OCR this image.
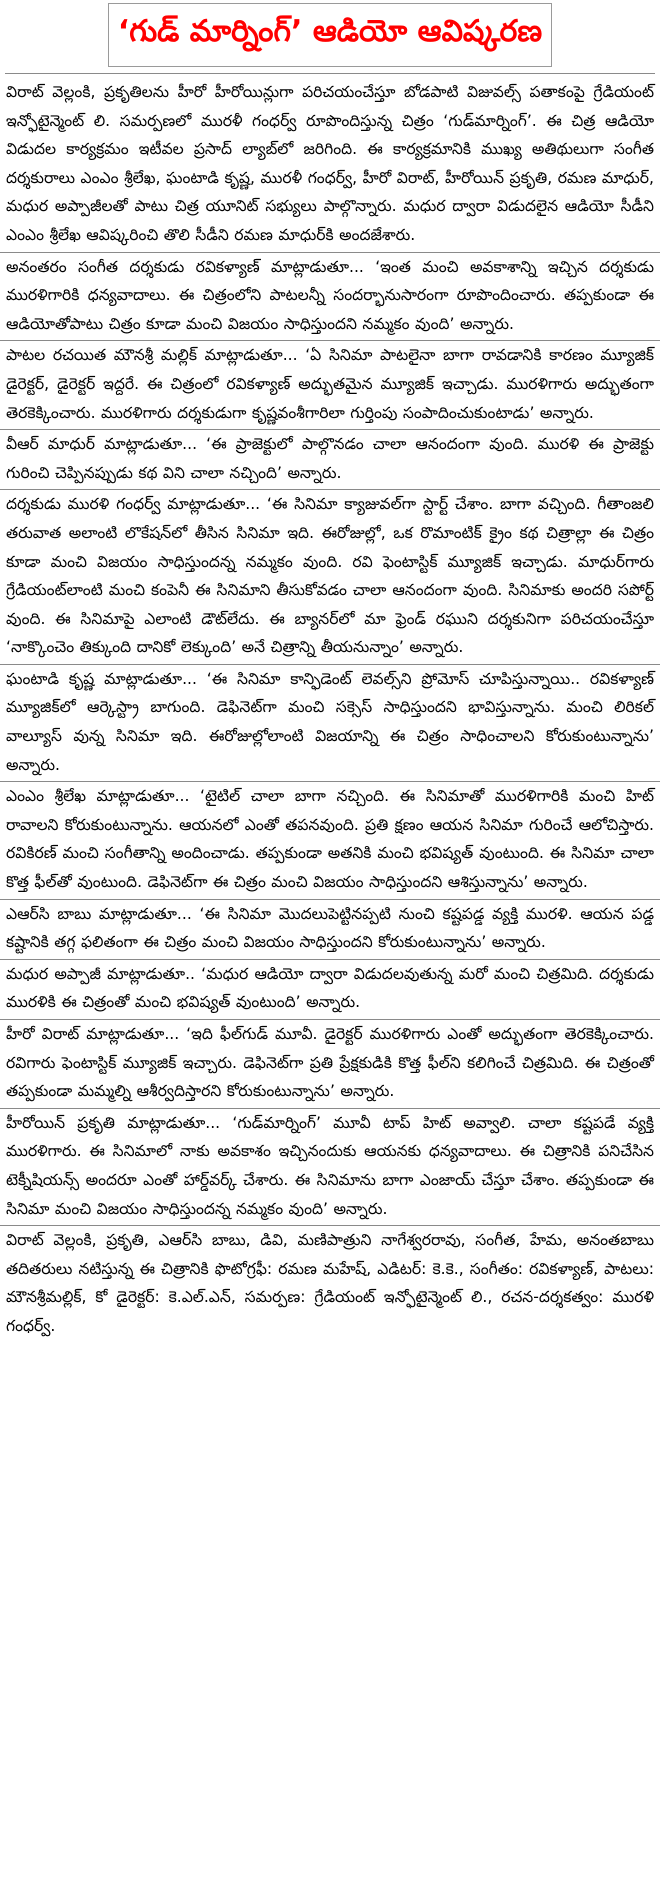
‘గుడ్ మార్నింగ్’ ఆడియో ఆవిష్కరణ

విరాట్ వెల్లంకి, ప్రకృతిలను హీరో హీరోయిన్లుగా పరిచయంచేస్తూ బోడపాటి విజువల్స్ పతాకంపై గ్రేడియంట్ ఇన్ఫోటైన్మెంట్ లి. సమర్పణలో మురళీ గంధర్వ్ రూపొందిస్తున్న చిత్రం ‘గుడ్‌మార్నింగ్’. ఈ చిత్ర ఆడియో విడుదల కార్యక్రమం ఇటీవల ప్రసాద్ ల్యాబ్‌లో జరిగింది. ఈ కార్యక్రమానికి ముఖ్య అతిథులుగా సంగీత దర్శకురాలు ఎంఎం శ్రీలేఖ, ఘంటాడి కృష్ణ, మురళీ గంధర్వ్, హీరో విరాట్, హీరోయిన్ ప్రకృతి, రమణ మాధుర్, మధుర అప్పాజీలతో పాటు చిత్ర యూనిట్ సభ్యులు పాల్గొన్నారు. మధుర ద్వారా విడుదలైన ఆడియో సీడీని ఎంఎం శ్రీలేఖ ఆవిష్కరించి తొలి సీడీని రమణ మాధుర్‌కి అందజేశారు.

అనంతరం సంగీత దర్శకుడు రవికళ్యాణ్ మాట్లాడుతూ... ‘ఇంత మంచి అవకాశాన్ని ఇచ్చిన దర్శకుడు మురళిగారికి ధన్యవాదాలు. ఈ చిత్రంలోని పాటలన్నీ సందర్భానుసారంగా రూపొందించారు. తప్పకుండా ఈ ఆడియోతోపాటు చిత్రం కూడా మంచి విజయం సాధిస్తుందని నమ్మకం వుంది’ అన్నారు.

పాటల రచయిత మౌనశ్రీ మల్లిక్ మాట్లాడుతూ... ‘ఏ సినిమా పాటలైనా బాగా రావడానికి కారణం మ్యూజిక్ డైరెక్టర్, డైరెక్టర్ ఇద్దరే. ఈ చిత్రంలో రవికళ్యాణ్ అద్భుతమైన మ్యూజిక్ ఇచ్చాడు. మురళిగారు అద్భుతంగా తెరకెక్కించారు. మురళిగారు దర్శకుడుగా కృష్ణవంశీగారిలా గుర్తింపు సంపాదించుకుంటాడు’ అన్నారు.

వీఆర్ మాధుర్ మాట్లాడుతూ... ‘ఈ ప్రాజెక్టులో పాల్గొనడం చాలా ఆనందంగా వుంది. మురళి ఈ ప్రాజెక్టు గురించి చెప్పినప్పుడు కథ విని చాలా నచ్చింది’ అన్నారు.

దర్శకుడు మురళి గంధర్వ్ మాట్లాడుతూ... ‘ఈ సినిమా క్యాజువల్‌గా స్టార్ట్ చేశాం. బాగా వచ్చింది. గీతాంజలి తరువాత అలాంటి లొకేషన్‌లో తీసిన సినిమా ఇది. ఈరోజుల్లో, ఒక రొమాంటిక్ క్రైం కథ చిత్రాల్లా ఈ చిత్రం కూడా మంచి విజయం సాధిస్తుందన్న నమ్మకం వుంది. రవి ఫెంటాస్టిక్ మ్యూజిక్ ఇచ్చాడు. మాధుర్‌గారు గ్రేడియంట్‌లాంటి మంచి కంపెనీ ఈ సినిమాని తీసుకోవడం చాలా ఆనందంగా వుంది. సినిమాకు అందరి సపోర్ట్ వుంది. ఈ సినిమాపై ఎలాంటి డౌట్‌లేదు. ఈ బ్యానర్‌లో మా ఫ్రెండ్ రఘుని దర్శకునిగా పరిచయంచేస్తూ ‘నాక్కొంచెం తిక్కుంది దానికో లెక్కుంది’ అనే చిత్రాన్ని తీయనున్నాం’ అన్నారు.

ఘంటాడి కృష్ణ మాట్లాడుతూ... ‘ఈ సినిమా కాన్ఫిడెంట్ లెవల్స్‌ని ప్రోమోస్ చూపిస్తున్నాయి.. రవికళ్యాణ్ మ్యూజిక్‌లో ఆర్కెస్ట్రా బాగుంది. డెఫినెట్‌గా మంచి సక్సెస్ సాధిస్తుందని భావిస్తున్నాను. మంచి లిరికల్ వాల్యూస్ వున్న సినిమా ఇది. ఈరోజుల్లోలాంటి విజయాన్ని ఈ చిత్రం సాధించాలని కోరుకుంటున్నాను’ అన్నారు.

ఎంఎం శ్రీలేఖ మాట్లాడుతూ... ‘టైటిల్ చాలా బాగా నచ్చింది. ఈ సినిమాతో మురళిగారికి మంచి హిట్ రావాలని కోరుకుంటున్నాను. ఆయనలో ఎంతో తపనవుంది. ప్రతి క్షణం ఆయన సినిమా గురించే ఆలోచిస్తారు. రవికిరణ్ మంచి సంగీతాన్ని అందించాడు. తప్పకుండా అతనికి మంచి భవిష్యత్ వుంటుంది. ఈ సినిమా చాలా కొత్త ఫీల్‌తో వుంటుంది. డెఫినెట్‌గా ఈ చిత్రం మంచి విజయం సాధిస్తుందని ఆశిస్తున్నాను’ అన్నారు.

ఎఆర్‌సి బాబు మాట్లాడుతూ... ‘ఈ సినిమా మొదలుపెట్టినప్పటి నుంచి కష్టపడ్డ వ్యక్తి మురళి. ఆయన పడ్డ కష్టానికి తగ్గ ఫలితంగా ఈ చిత్రం మంచి విజయం సాధిస్తుందని కోరుకుంటున్నాను’ అన్నారు.

మధుర అప్పాజీ మాట్లాడుతూ.. ‘మధుర ఆడియో ద్వారా విడుదలవుతున్న మరో మంచి చిత్రమిది. దర్శకుడు మురళికి ఈ చిత్రంతో మంచి భవిష్యత్ వుంటుంది’ అన్నారు.

హీరో విరాట్ మాట్లాడుతూ... ‘ఇది ఫీల్‌గుడ్ మూవీ. డైరెక్టర్ మురళిగారు ఎంతో అద్భుతంగా తెరకెక్కించారు. రవిగారు ఫెంటాస్టిక్ మ్యూజిక్ ఇచ్చారు. డెఫినెట్‌గా ప్రతి ప్రేక్షకుడికి కొత్త ఫీల్‌ని కలిగించే చిత్రమిది. ఈ చిత్రంతో తప్పకుండా మమ్మల్ని ఆశీర్వదిస్తారని కోరుకుంటున్నాను’ అన్నారు.

హీరోయిన్ ప్రకృతి మాట్లాడుతూ... ‘గుడ్‌మార్నింగ్’ మూవీ టాప్ హిట్ అవ్వాలి. చాలా కష్టపడే వ్యక్తి మురళిగారు. ఈ సినిమాలో నాకు అవకాశం ఇచ్చినందుకు ఆయనకు ధన్యవాదాలు. ఈ చిత్రానికి పనిచేసిన టెక్నీషియన్స్ అందరూ ఎంతో హార్డ్‌వర్క్ చేశారు. ఈ సినిమాను బాగా ఎంజాయ్ చేస్తూ చేశాం. తప్పకుండా ఈ సినిమా మంచి విజయం సాధిస్తుందన్న నమ్మకం వుంది’ అన్నారు.

విరాట్ వెల్లంకి, ప్రకృతి, ఎఆర్‌సి బాబు, డివి, మణిపాత్రుని నాగేశ్వరరావు, సంగీత, హేమ, అనంతబాబు తదితరులు నటిస్తున్న ఈ చిత్రానికి ఫొటోగ్రఫీ: రమణ మహేష్, ఎడిటర్: కె.కె., సంగీతం: రవికళ్యాణ్, పాటలు: మౌనశ్రీమల్లిక్, కో డైరెక్టర్: కె.ఎల్.ఎన్, సమర్పణ: గ్రేడియంట్ ఇన్ఫోటైన్మెంట్ లి., రచన-దర్శకత్వం: మురళి గంధర్వ్.
